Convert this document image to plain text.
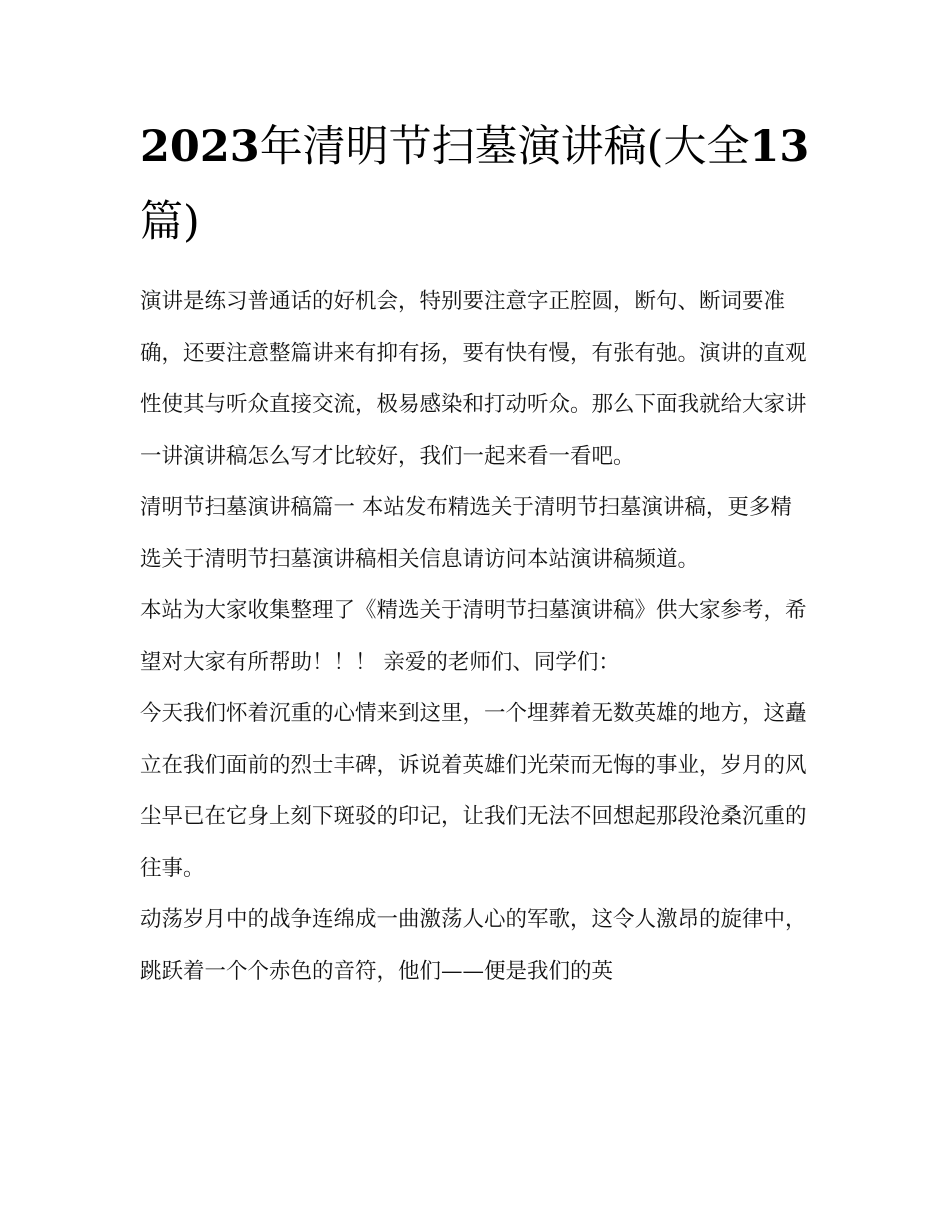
2023年清明节扫墓演讲稿(大全13篇)

演讲是练习普通话的好机会，特别要注意字正腔圆，断句、断词要准确，还要注意整篇讲来有抑有扬，要有快有慢，有张有弛。演讲的直观性使其与听众直接交流，极易感染和打动听众。那么下面我就给大家讲一讲演讲稿怎么写才比较好，我们一起来看一看吧。

清明节扫墓演讲稿篇一 本站发布精选关于清明节扫墓演讲稿，更多精选关于清明节扫墓演讲稿相关信息请访问本站演讲稿频道。

本站为大家收集整理了《精选关于清明节扫墓演讲稿》供大家参考，希望对大家有所帮助！！！ 亲爱的老师们、同学们：

今天我们怀着沉重的心情来到这里，一个埋葬着无数英雄的地方，这矗立在我们面前的烈士丰碑，诉说着英雄们光荣而无悔的事业，岁月的风尘早已在它身上刻下斑驳的印记，让我们无法不回想起那段沧桑沉重的往事。

动荡岁月中的战争连绵成一曲激荡人心的军歌，这令人激昂的旋律中，跳跃着一个个赤色的音符，他们——便是我们的英
